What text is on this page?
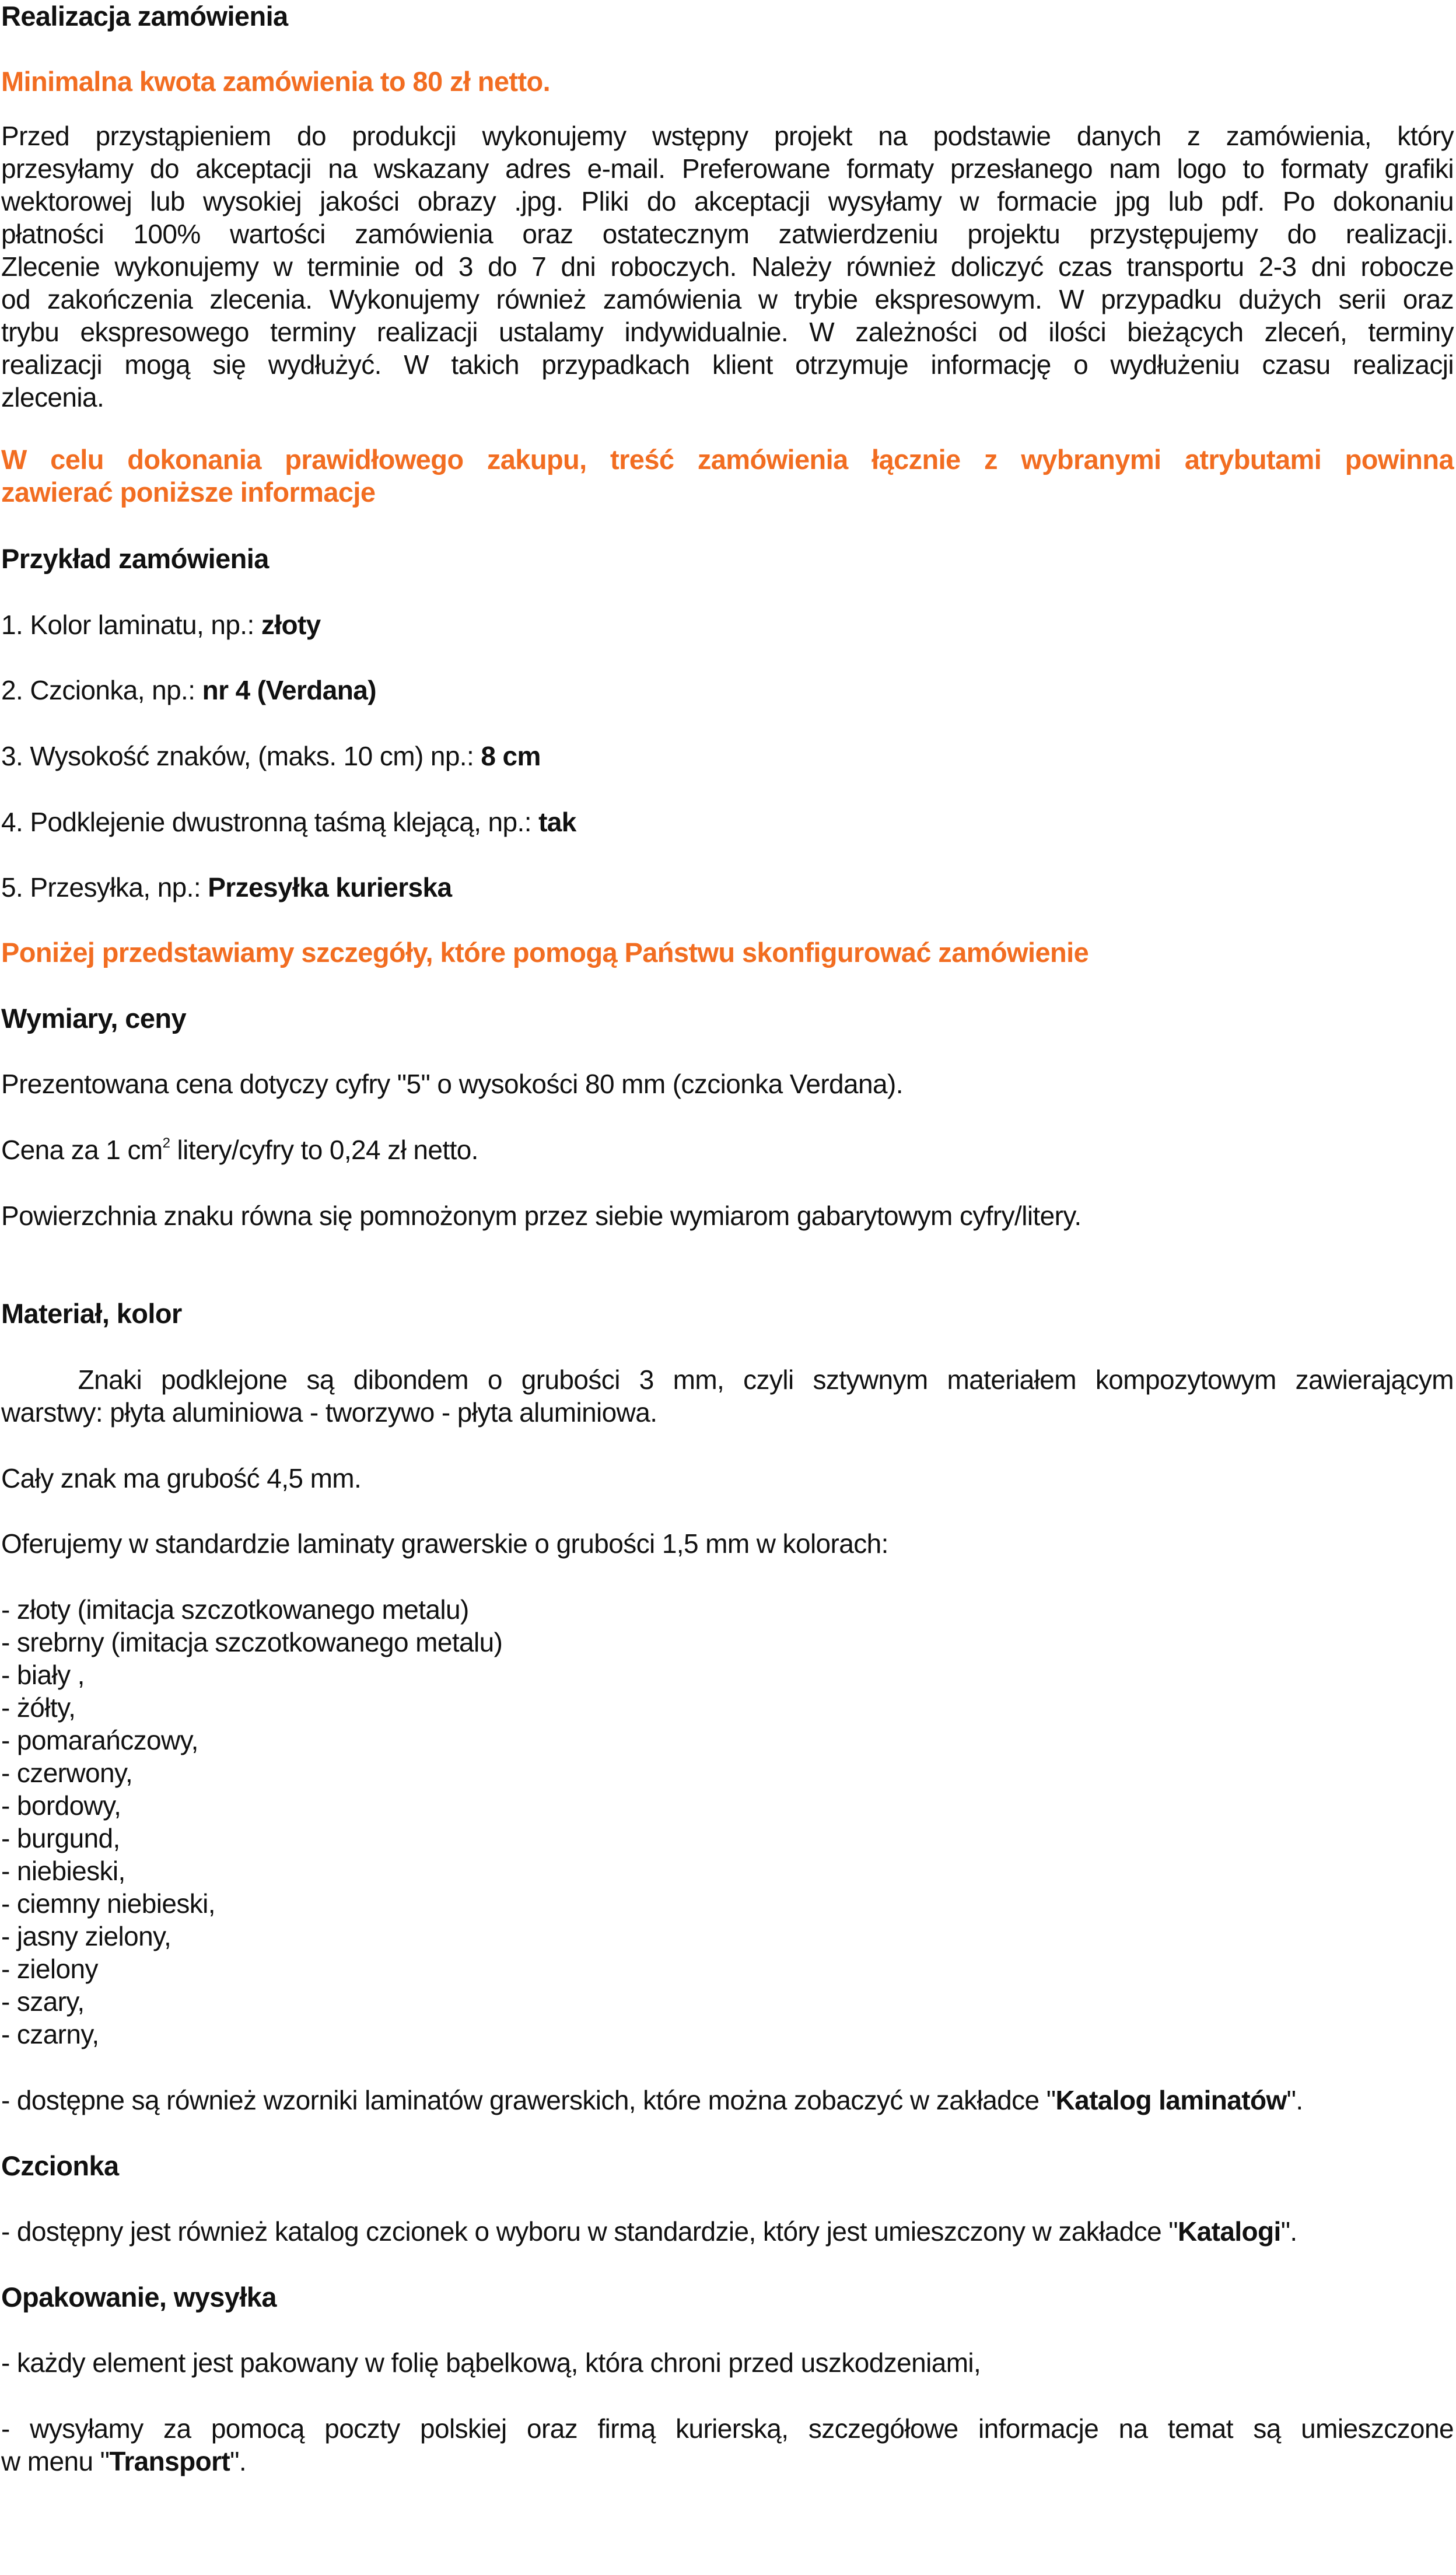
Realizacja zamówienia
Minimalna kwota zamówienia to 80 zł netto.
Przed przystąpieniem do produkcji wykonujemy wstępny projekt na podstawie danych z zamówienia, który
przesyłamy do akceptacji na wskazany adres e-mail. Preferowane formaty przesłanego nam logo to formaty grafiki
wektorowej lub wysokiej jakości obrazy .jpg. Pliki do akceptacji wysyłamy w formacie jpg lub pdf. Po dokonaniu
płatności 100% wartości zamówienia oraz ostatecznym zatwierdzeniu projektu przystępujemy do realizacji.
Zlecenie wykonujemy w terminie od 3 do 7 dni roboczych. Należy również doliczyć czas transportu 2-3 dni robocze
od zakończenia zlecenia. Wykonujemy również zamówienia w trybie ekspresowym. W przypadku dużych serii oraz
trybu ekspresowego terminy realizacji ustalamy indywidualnie. W zależności od ilości bieżących zleceń, terminy
realizacji mogą się wydłużyć. W takich przypadkach klient otrzymuje informację o wydłużeniu czasu realizacji
zlecenia.
W celu dokonania prawidłowego zakupu, treść zamówienia łącznie z wybranymi atrybutami powinna
zawierać poniższe informacje
Przykład zamówienia
1. Kolor laminatu, np.: złoty
2. Czcionka, np.: nr 4 (Verdana)
3. Wysokość znaków, (maks. 10 cm) np.: 8 cm
4. Podklejenie dwustronną taśmą klejącą, np.: tak
5. Przesyłka, np.: Przesyłka kurierska
Poniżej przedstawiamy szczegóły, które pomogą Państwu skonfigurować zamówienie
Wymiary, ceny
Prezentowana cena dotyczy cyfry "5" o wysokości 80 mm (czcionka Verdana).
Cena za 1 $cm^2$ litery/cyfry to 0,24 zł netto.
Powierzchnia znaku równa się pomnożonym przez siebie wymiarom gabarytowym cyfry/litery.
Materiał, kolor
Znaki podklejone są dibondem o grubości 3 mm, czyli sztywnym materiałem kompozytowym zawierającym
warstwy: płyta aluminiowa - tworzywo - płyta aluminiowa.
Cały znak ma grubość 4,5 mm.
Oferujemy w standardzie laminaty grawerskie o grubości 1,5 mm w kolorach:
- złoty (imitacja szczotkowanego metalu)
- srebrny (imitacja szczotkowanego metalu)
- biały ,
- żółty,
- pomarańczowy,
- czerwony,
- bordowy,
- burgund,
- niebieski,
- ciemny niebieski,
- jasny zielony,
- zielony
- szary,
- czarny,
- dostępne są również wzorniki laminatów grawerskich, które można zobaczyć w zakładce "Katalog laminatów".
Czcionka
- dostępny jest również katalog czcionek o wyboru w standardzie, który jest umieszczony w zakładce "Katalogi".
Opakowanie, wysyłka
- każdy element jest pakowany w folię bąbelkową, która chroni przed uszkodzeniami,
- wysyłamy za pomocą poczty polskiej oraz firmą kurierską, szczegółowe informacje na temat są umieszczone
w menu "Transport".
